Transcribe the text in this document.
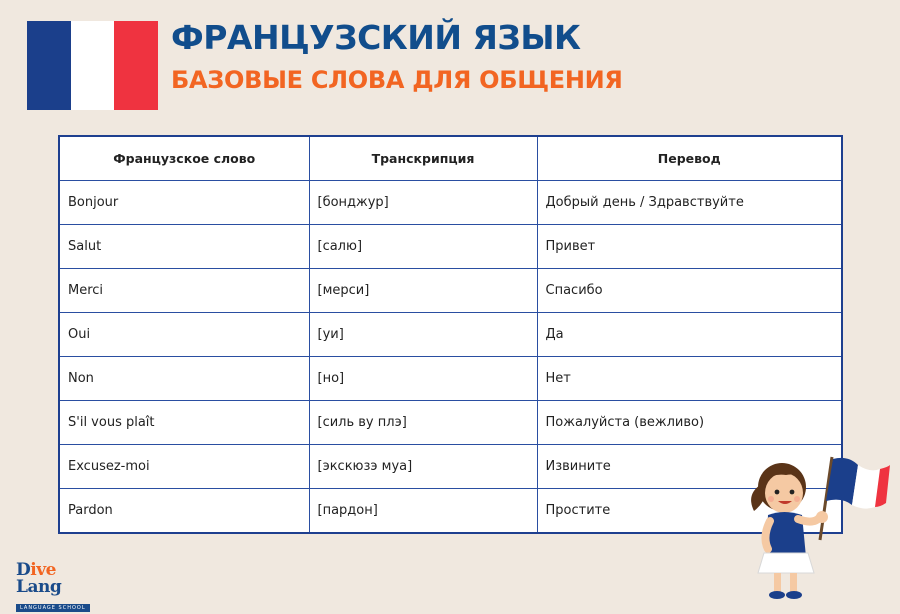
ФРАНЦУЗСКИЙ ЯЗЫК
БАЗОВЫЕ СЛОВА ДЛЯ ОБЩЕНИЯ
Французское слово	Транскрипция	Перевод
Bonjour	[бонджур]	Добрый день / Здравствуйте
Salut	[салю]	Привет
Merci	[мерси]	Спасибо
Oui	[уи]	Да
Non	[но]	Нет
S'il vous plaît	[силь ву плэ]	Пожалуйста (вежливо)
Excusez-moi	[экскюзэ муа]	Извините
Pardon	[пардон]	Простите
Dive Lang
LANGUAGE SCHOOL
